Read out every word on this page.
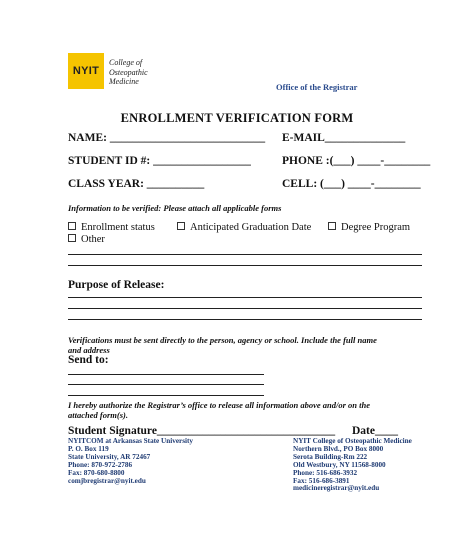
NYIT
College of
Osteopathic
Medicine
Office of the Registrar
ENROLLMENT VERIFICATION FORM
NAME: ___________________________ E-MAIL______________
STUDENT ID #: _________________	PHONE :(___) ____-________
CLASS YEAR: __________	CELL: (___) ____-________
Information to be verified: Please attach all applicable forms
Enrollment status	Anticipated Graduation Date	Degree Program
Other
Purpose of Release:
Verifications must be sent directly to the person, agency or school. Include the full name
and address
Send to:
I hereby authorize the Registrar’s office to release all information above and/or on the
attached form(s).
Student Signature_______________________________ Date____
NYITCOM at Arkansas State University
P. O. Box 119
State University, AR 72467
Phone: 870-972-2786
Fax: 870-680-8800
comjbregistrar@nyit.edu
NYIT College of Osteopathic Medicine
Northern Blvd., PO Box 8000
Serota Building-Rm 222
Old Westbury, NY 11568-8000
Phone: 516-686-3932
Fax: 516-686-3891
medicineregistrar@nyit.edu
